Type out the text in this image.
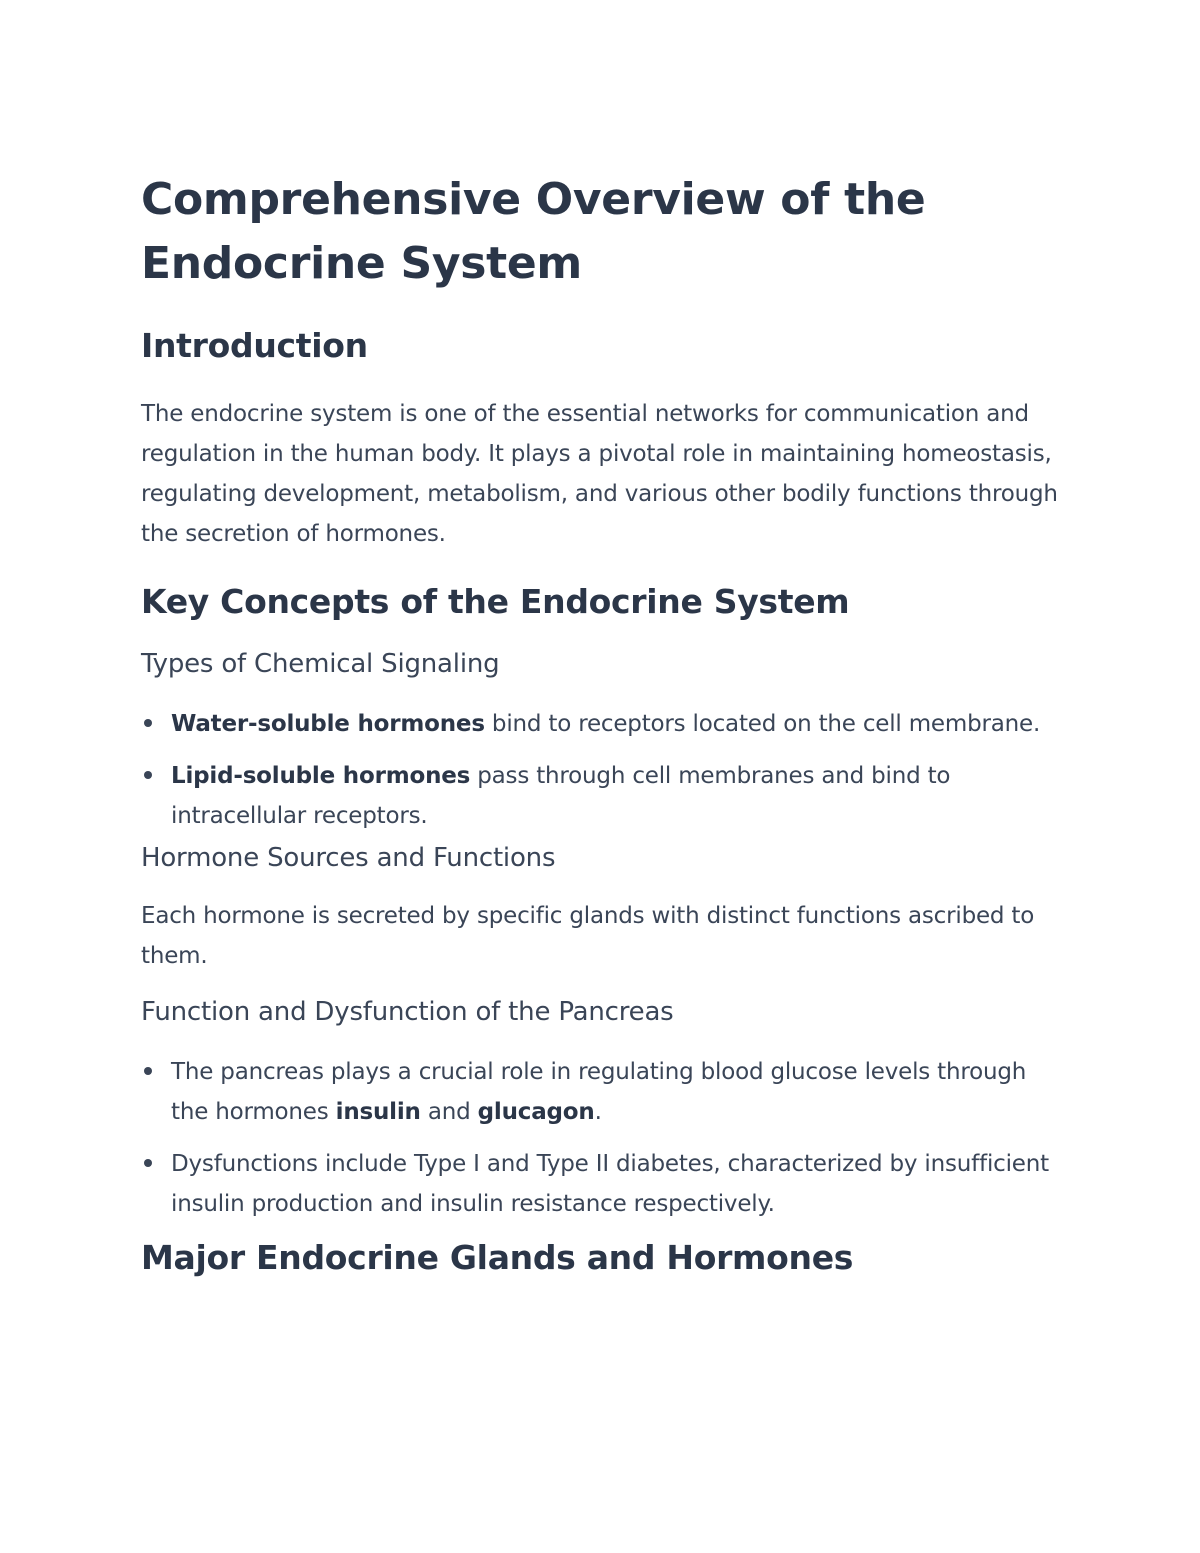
Comprehensive Overview of the Endocrine System
Introduction

The endocrine system is one of the essential networks for communication and regulation in the human body. It plays a pivotal role in maintaining homeostasis, regulating development, metabolism, and various other bodily functions through the secretion of hormones.

Key Concepts of the Endocrine System
Types of Chemical Signaling
Water-soluble hormones bind to receptors located on the cell membrane.
Lipid-soluble hormones pass through cell membranes and bind to intracellular receptors.
Hormone Sources and Functions

Each hormone is secreted by specific glands with distinct functions ascribed to them.

Function and Dysfunction of the Pancreas
The pancreas plays a crucial role in regulating blood glucose levels through the hormones insulin and glucagon.
Dysfunctions include Type I and Type II diabetes, characterized by insufficient insulin production and insulin resistance respectively.
Major Endocrine Glands and Hormones
